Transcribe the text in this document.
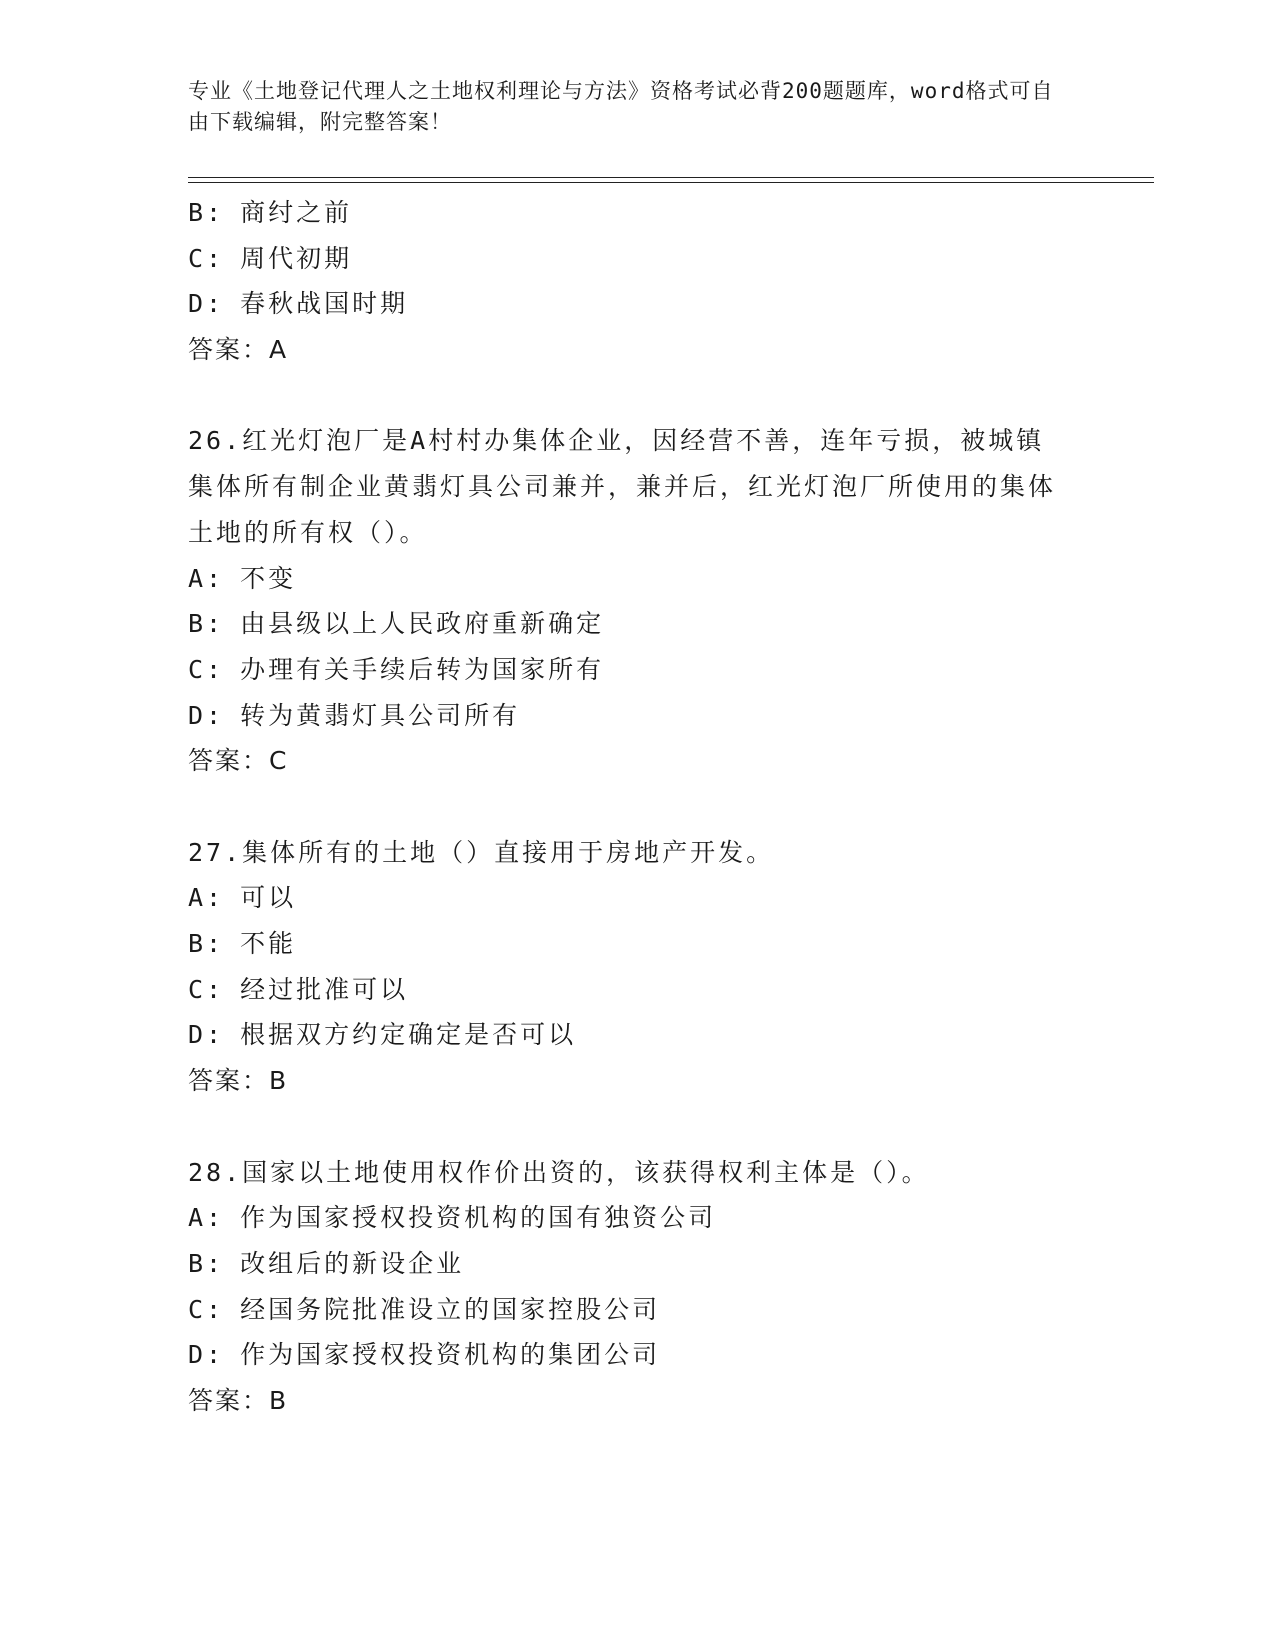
专业《土地登记代理人之土地权利理论与方法》资格考试必背200题题库，word格式可自由下载编辑，附完整答案！
B: 商纣之前
C: 周代初期
D: 春秋战国时期
答案：A
26.红光灯泡厂是A村村办集体企业，因经营不善，连年亏损，被城镇集体所有制企业黄翡灯具公司兼并，兼并后，红光灯泡厂所使用的集体土地的所有权（）。
A: 不变
B: 由县级以上人民政府重新确定
C: 办理有关手续后转为国家所有
D: 转为黄翡灯具公司所有
答案：C
27.集体所有的土地（）直接用于房地产开发。
A: 可以
B: 不能
C: 经过批准可以
D: 根据双方约定确定是否可以
答案：B
28.国家以土地使用权作价出资的，该获得权利主体是（）。
A: 作为国家授权投资机构的国有独资公司
B: 改组后的新设企业
C: 经国务院批准设立的国家控股公司
D: 作为国家授权投资机构的集团公司
答案：B
